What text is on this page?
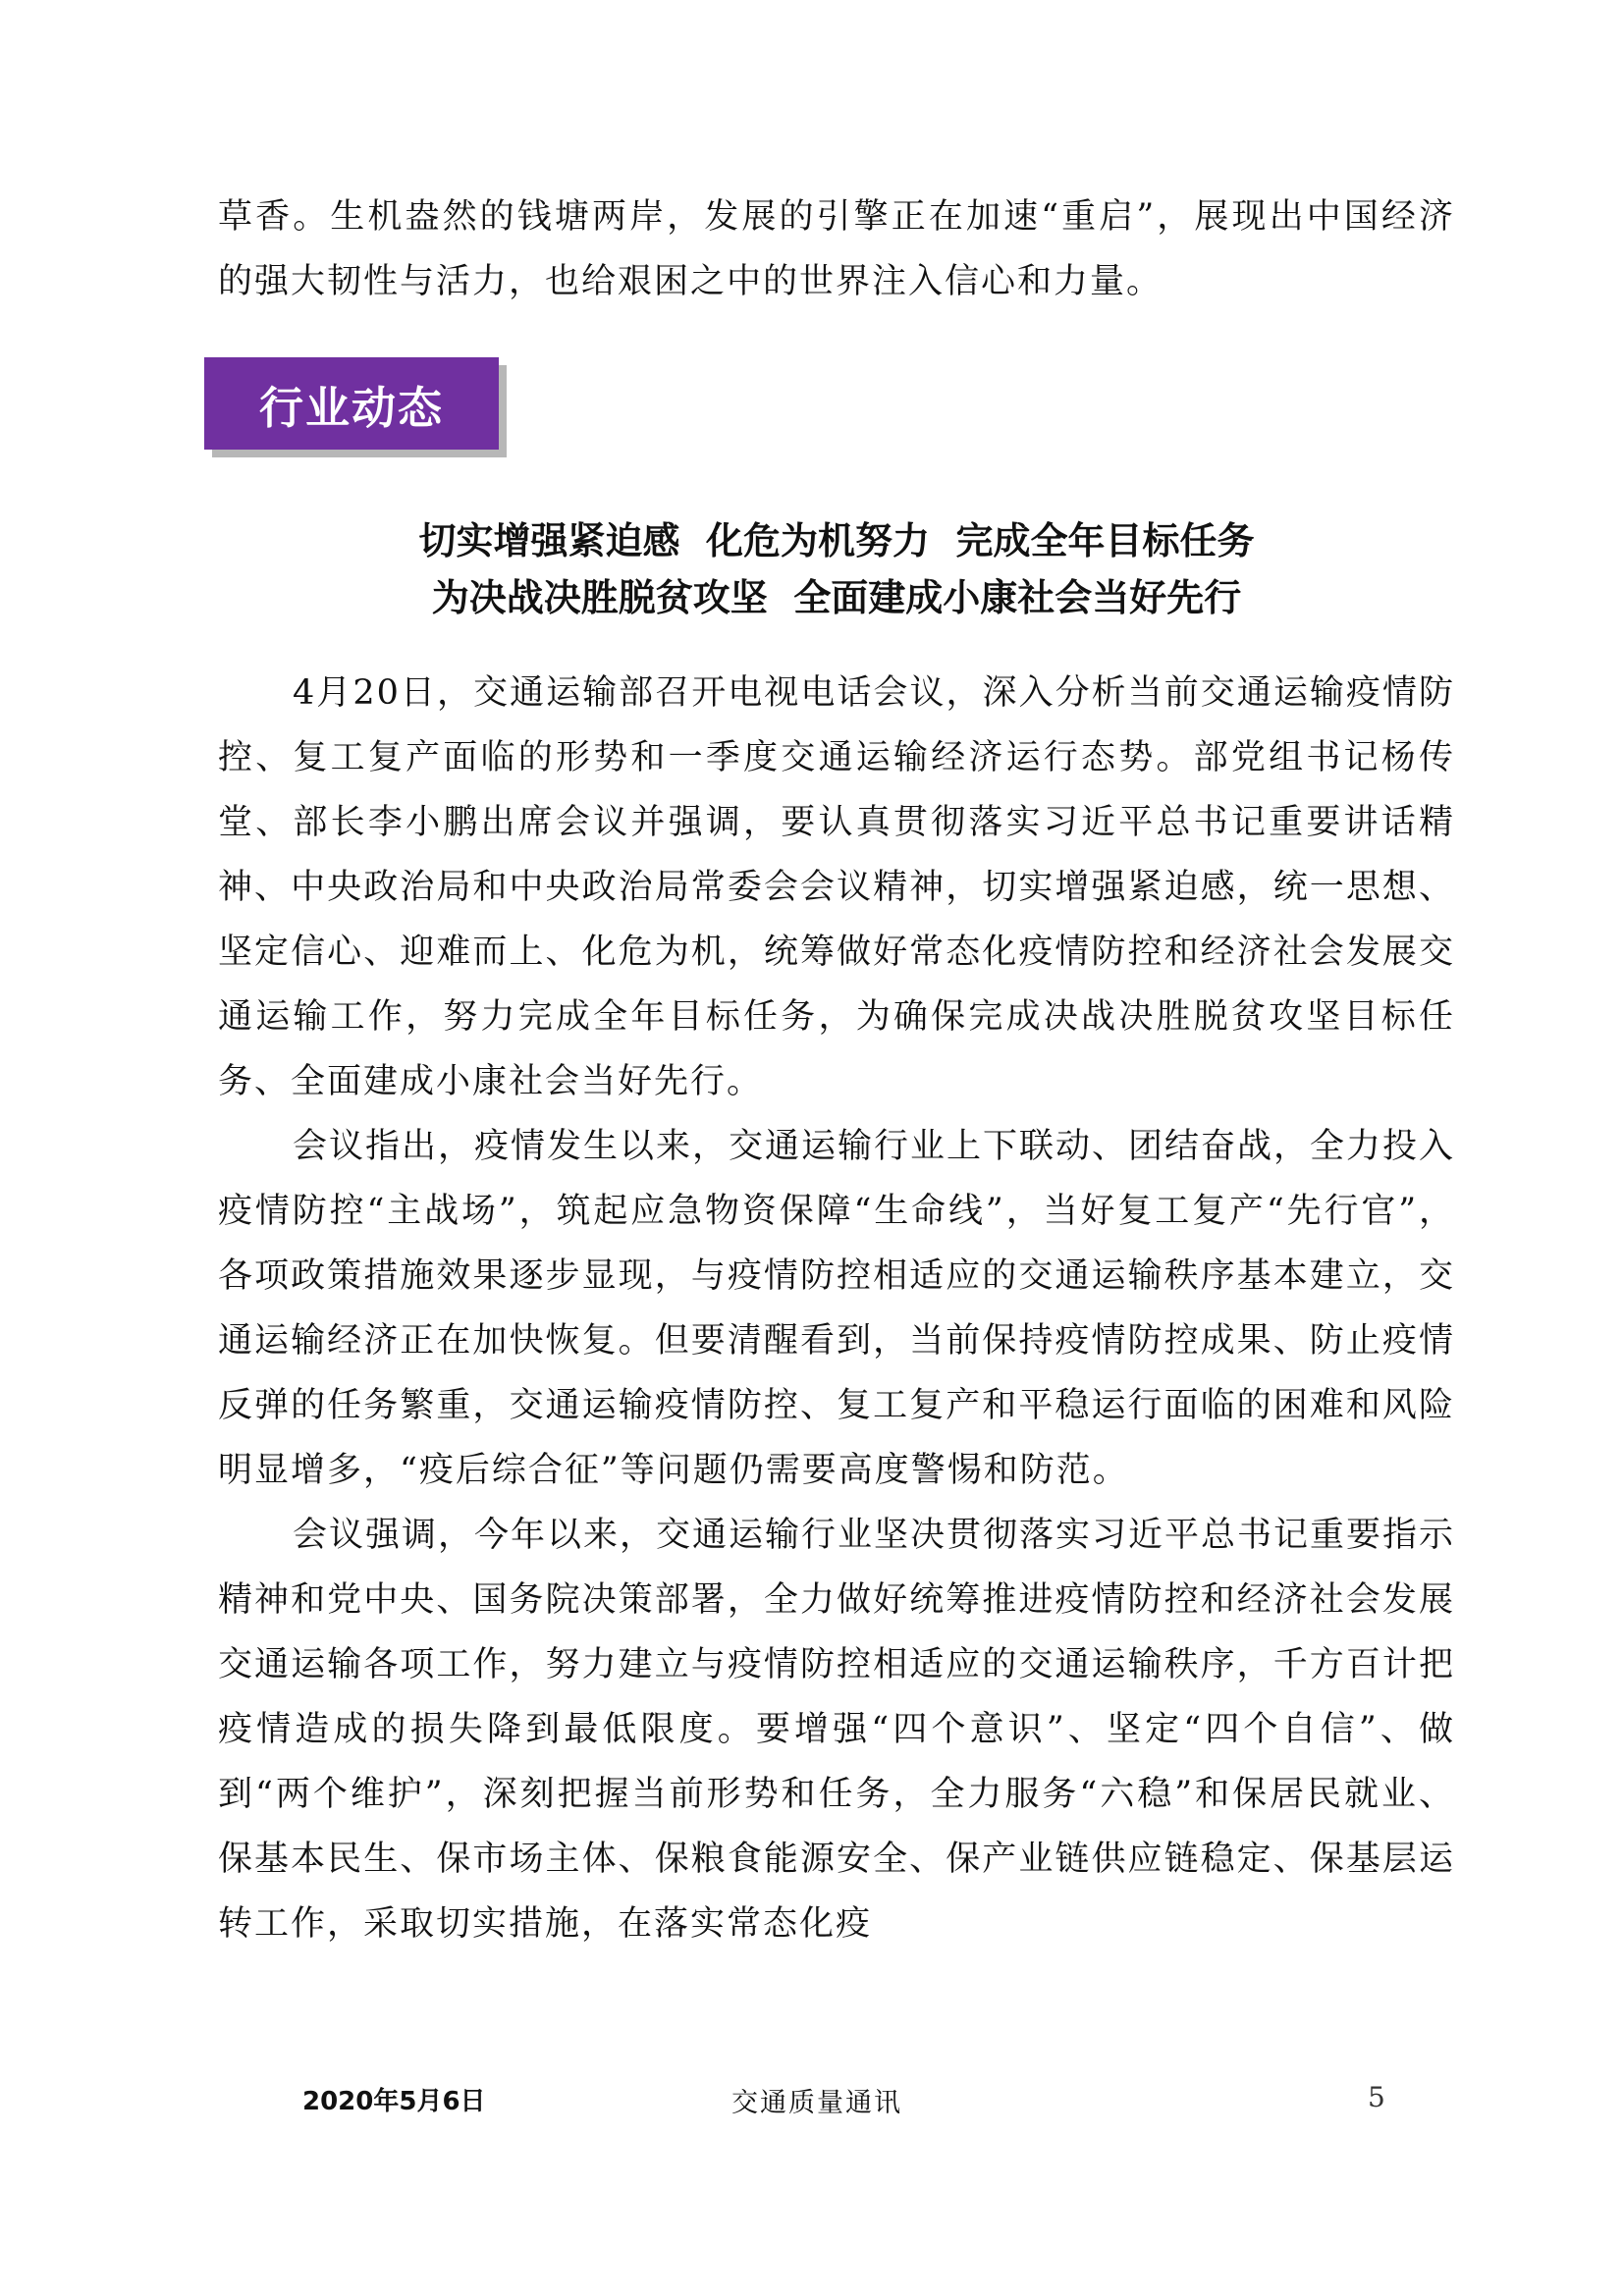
草香。生机盎然的钱塘两岸，发展的引擎正在加速“重启”，展现出中国经济的强大韧性与活力，也给艰困之中的世界注入信心和力量。

行业动态
切实增强紧迫感  化危为机努力  完成全年目标任务
为决战决胜脱贫攻坚  全面建成小康社会当好先行

4月20日，交通运输部召开电视电话会议，深入分析当前交通运输疫情防控、复工复产面临的形势和一季度交通运输经济运行态势。部党组书记杨传堂、部长李小鹏出席会议并强调，要认真贯彻落实习近平总书记重要讲话精神、中央政治局和中央政治局常委会会议精神，切实增强紧迫感，统一思想、坚定信心、迎难而上、化危为机，统筹做好常态化疫情防控和经济社会发展交通运输工作，努力完成全年目标任务，为确保完成决战决胜脱贫攻坚目标任务、全面建成小康社会当好先行。

会议指出，疫情发生以来，交通运输行业上下联动、团结奋战，全力投入疫情防控“主战场”，筑起应急物资保障“生命线”，当好复工复产“先行官”，各项政策措施效果逐步显现，与疫情防控相适应的交通运输秩序基本建立，交通运输经济正在加快恢复。但要清醒看到，当前保持疫情防控成果、防止疫情反弹的任务繁重，交通运输疫情防控、复工复产和平稳运行面临的困难和风险明显增多，“疫后综合征”等问题仍需要高度警惕和防范。

会议强调，今年以来，交通运输行业坚决贯彻落实习近平总书记重要指示精神和党中央、国务院决策部署，全力做好统筹推进疫情防控和经济社会发展交通运输各项工作，努力建立与疫情防控相适应的交通运输秩序，千方百计把疫情造成的损失降到最低限度。要增强“四个意识”、坚定“四个自信”、做到“两个维护”，深刻把握当前形势和任务，全力服务“六稳”和保居民就业、保基本民生、保市场主体、保粮食能源安全、保产业链供应链稳定、保基层运转工作，采取切实措施，在落实常态化疫

2020年5月6日	交通质量通讯	5
